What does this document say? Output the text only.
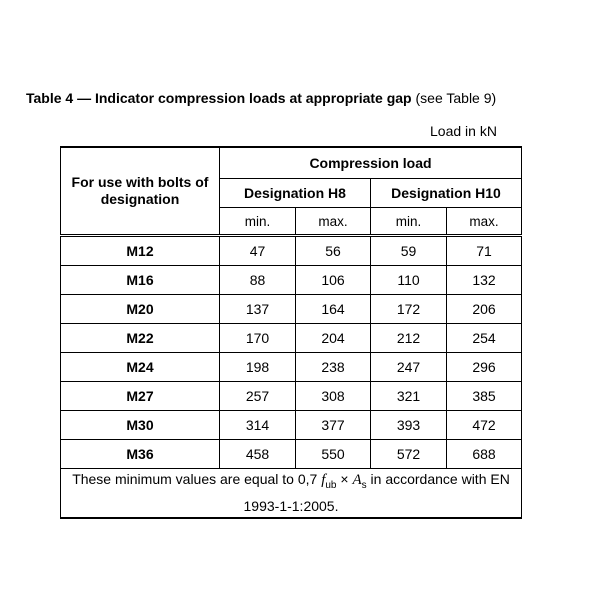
Table 4 — Indicator compression loads at appropriate gap (see Table 9)
Load in kN
For use with bolts of designation	Compression load			
	Designation H8		Designation H10	
	min.	max.	min.	max.
M12	47	56	59	71
M16	88	106	110	132
M20	137	164	172	206
M22	170	204	212	254
M24	198	238	247	296
M27	257	308	321	385
M30	314	377	393	472
M36	458	550	572	688
These minimum values are equal to 0,7 $f_{ub} \times A_s$ in accordance with EN 1993-1-1:2005.				
